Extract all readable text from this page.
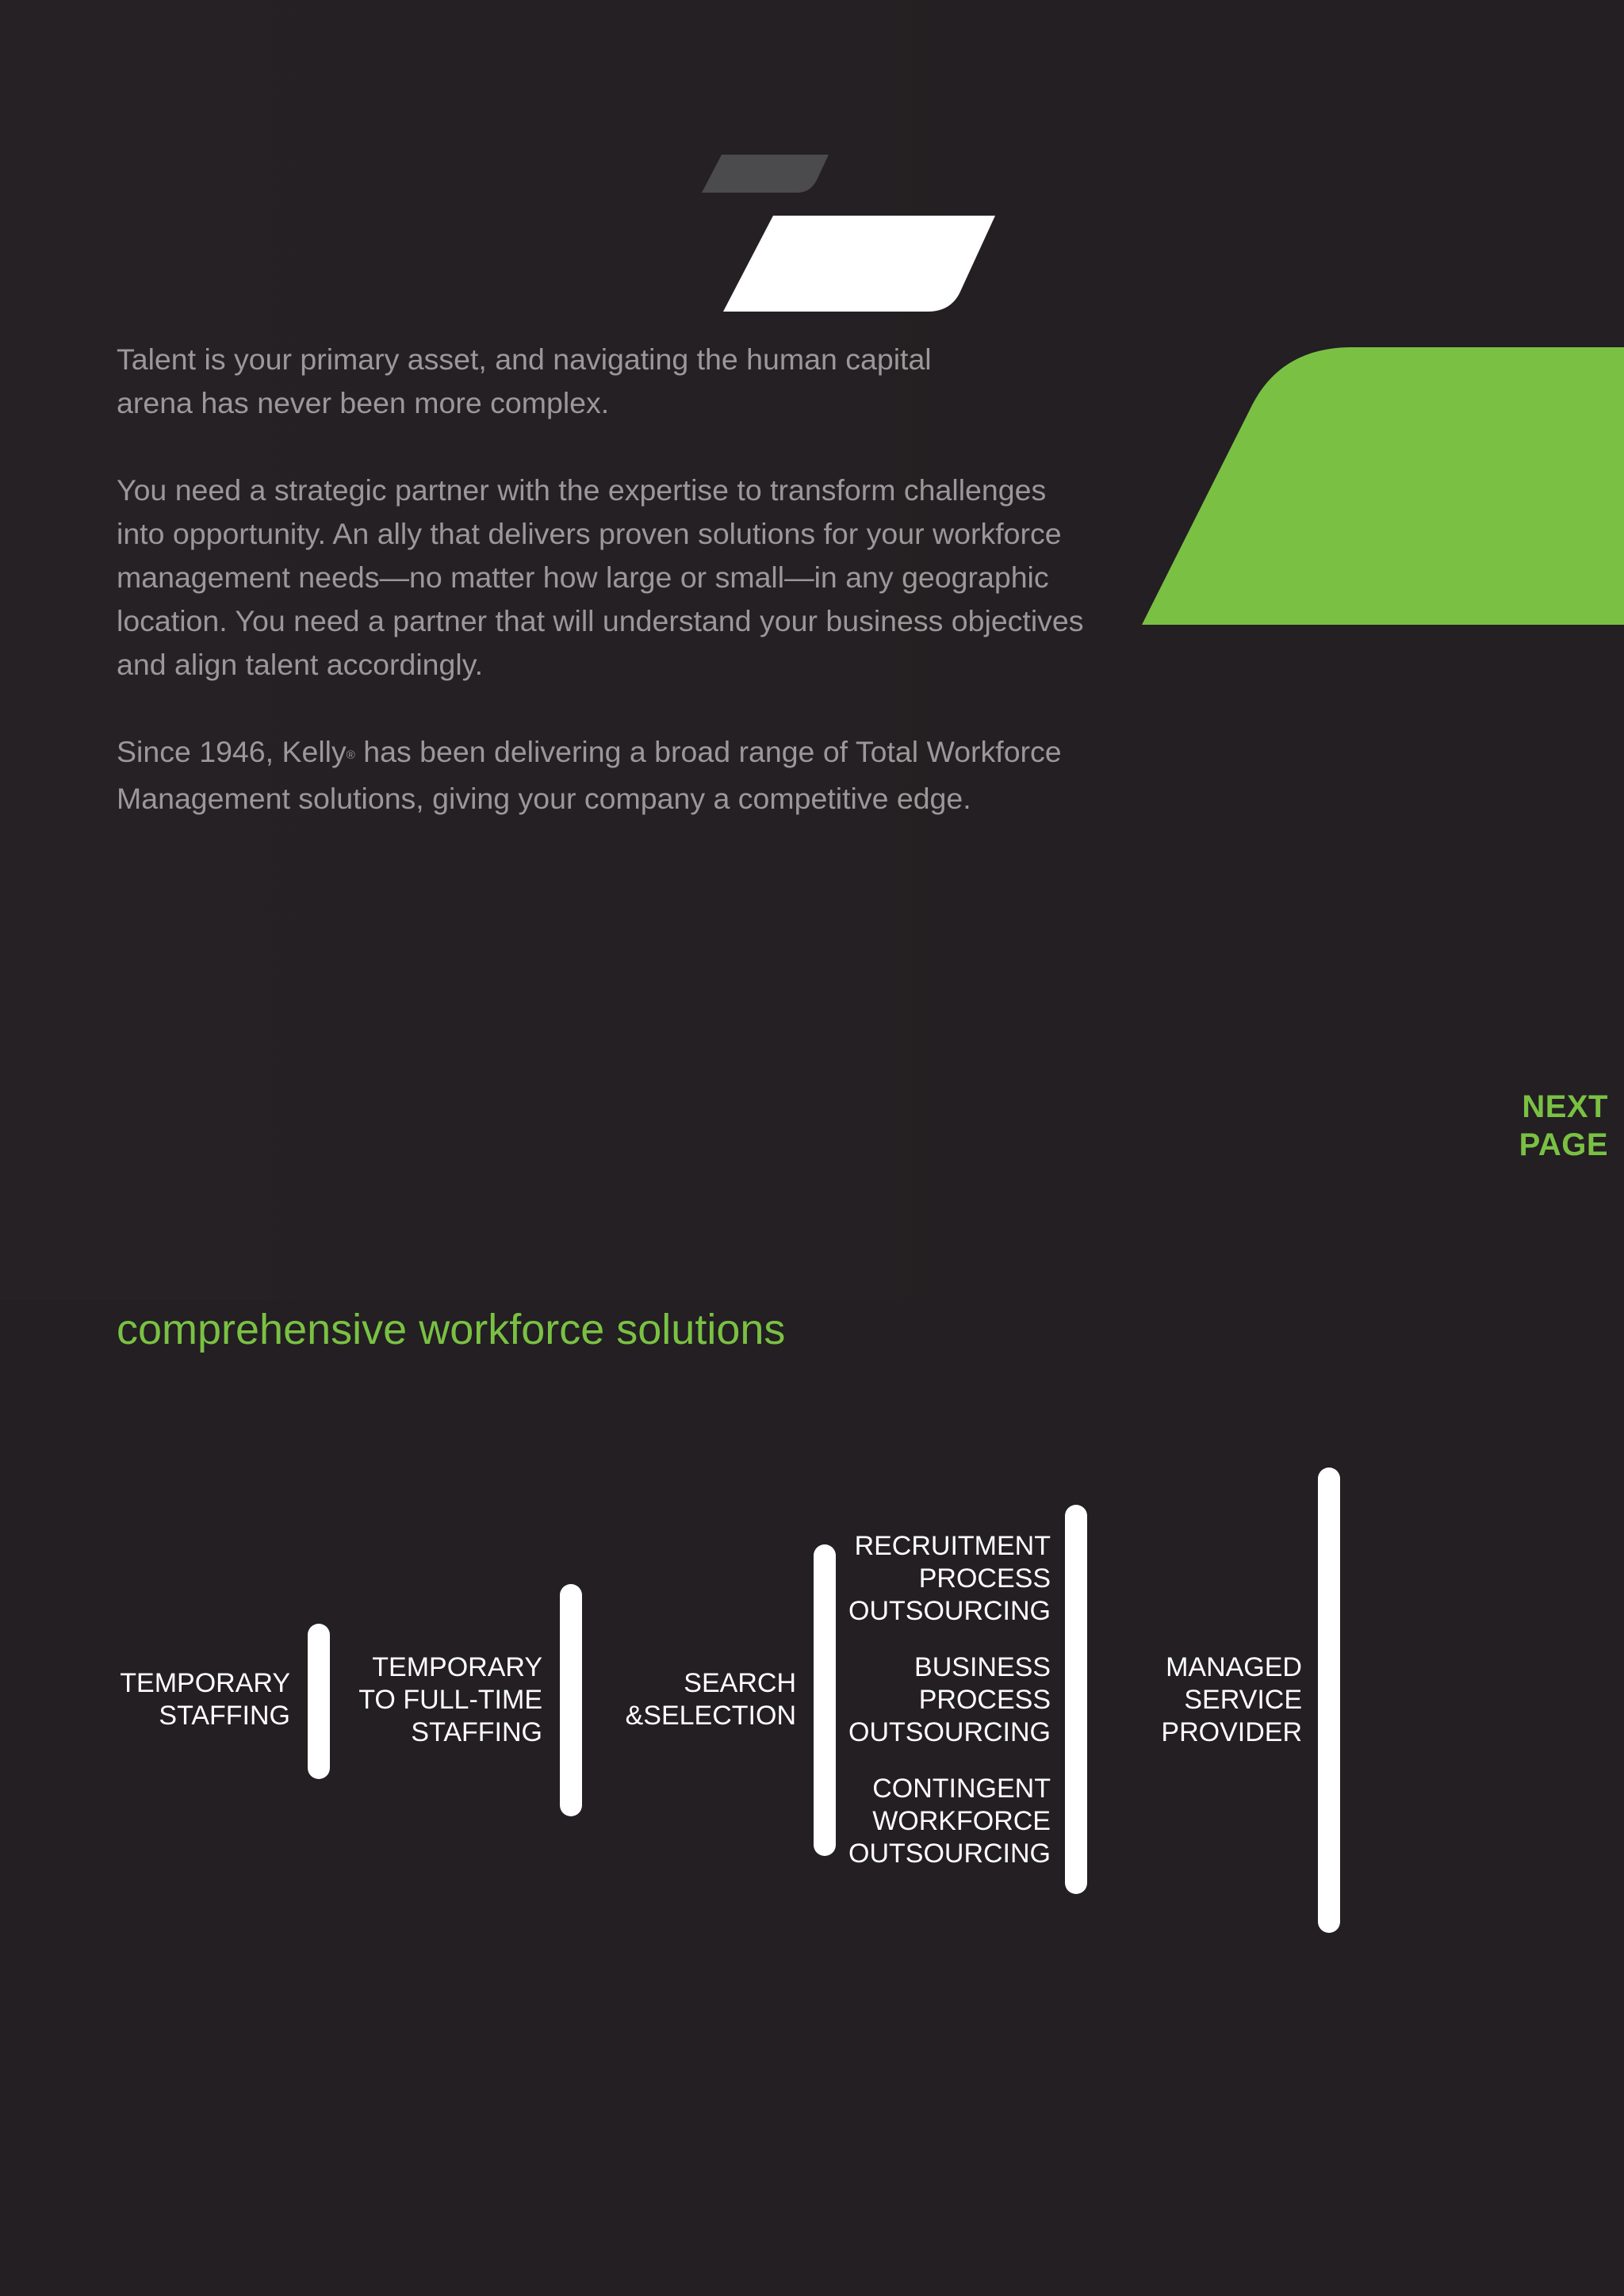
Talent is your primary asset, and navigating the human capital arena has never been more complex.

You need a strategic partner with the expertise to transform challenges into opportunity. An ally that delivers proven solutions for your workforce management needs—no matter how large or small—in any geographic location. You need a partner that will understand your business objectives and align talent accordingly.

Since 1946, Kelly® has been delivering a broad range of Total Workforce Management solutions, giving your company a competitive edge.

NEXT
PAGE
comprehensive workforce solutions
TEMPORARY
STAFFING
TEMPORARY
TO FULL-TIME
STAFFING
SEARCH
&SELECTION
RECRUITMENT
PROCESS
OUTSOURCING
BUSINESS
PROCESS
OUTSOURCING
CONTINGENT
WORKFORCE
OUTSOURCING
MANAGED
SERVICE
PROVIDER
